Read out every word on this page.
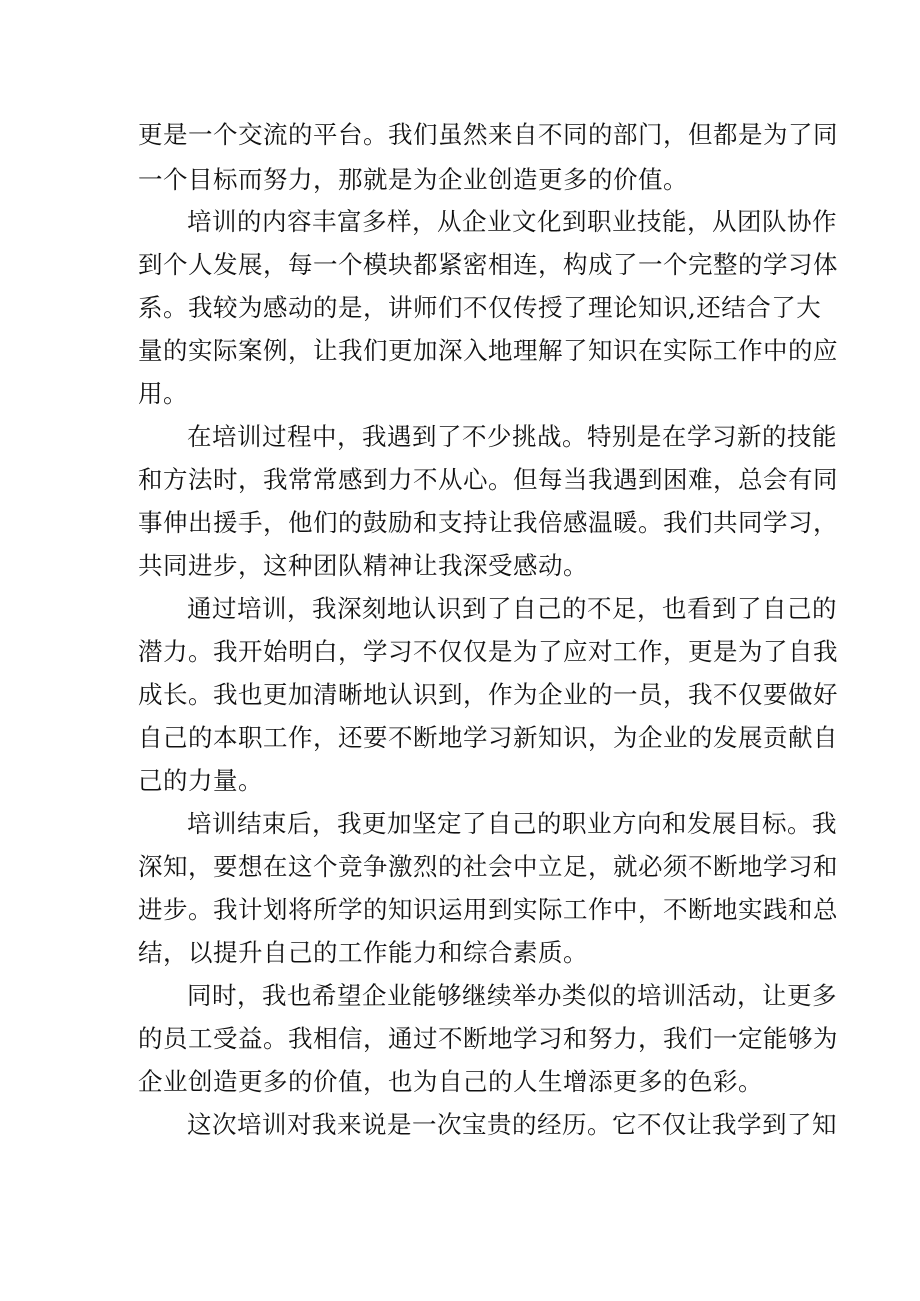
更是一个交流的平台。我们虽然来自不同的部门，但都是为了同
一个目标而努力，那就是为企业创造更多的价值。
培训的内容丰富多样，从企业文化到职业技能，从团队协作
到个人发展，每一个模块都紧密相连，构成了一个完整的学习体
系。我较为感动的是，讲师们不仅传授了理论知识,还结合了大
量的实际案例，让我们更加深入地理解了知识在实际工作中的应
用。
在培训过程中，我遇到了不少挑战。特别是在学习新的技能
和方法时，我常常感到力不从心。但每当我遇到困难，总会有同
事伸出援手，他们的鼓励和支持让我倍感温暖。我们共同学习，
共同进步，这种团队精神让我深受感动。
通过培训，我深刻地认识到了自己的不足，也看到了自己的
潜力。我开始明白，学习不仅仅是为了应对工作，更是为了自我
成长。我也更加清晰地认识到，作为企业的一员，我不仅要做好
自己的本职工作，还要不断地学习新知识，为企业的发展贡献自
己的力量。
培训结束后，我更加坚定了自己的职业方向和发展目标。我
深知，要想在这个竞争激烈的社会中立足，就必须不断地学习和
进步。我计划将所学的知识运用到实际工作中，不断地实践和总
结，以提升自己的工作能力和综合素质。
同时，我也希望企业能够继续举办类似的培训活动，让更多
的员工受益。我相信，通过不断地学习和努力，我们一定能够为
企业创造更多的价值，也为自己的人生增添更多的色彩。
这次培训对我来说是一次宝贵的经历。它不仅让我学到了知
